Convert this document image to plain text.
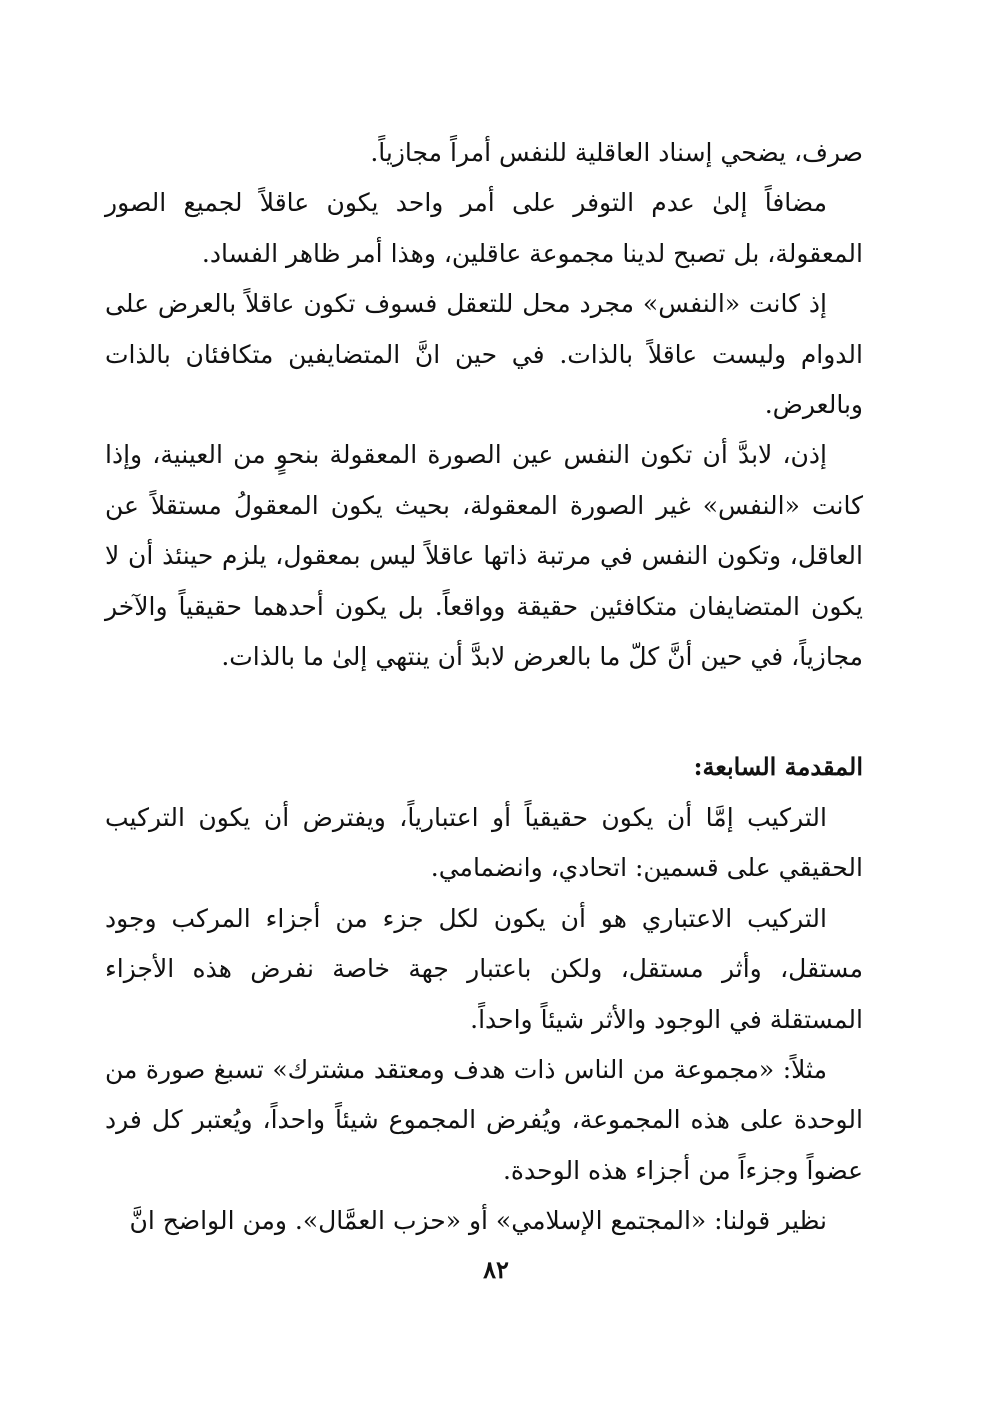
صرف، يضحي إسناد العاقلية للنفس أمراً مجازياً.

مضافاً إلىٰ عدم التوفر على أمر واحد يكون عاقلاً لجميع الصور المعقولة، بل تصبح لدينا مجموعة عاقلين، وهذا أمر ظاهر الفساد.

إذ كانت «النفس» مجرد محل للتعقل فسوف تكون عاقلاً بالعرض على الدوام وليست عاقلاً بالذات. في حين انَّ المتضايفين متكافئان بالذات وبالعرض.

إذن، لابدَّ أن تكون النفس عين الصورة المعقولة بنحوٍ من العينية، وإذا كانت «النفس» غير الصورة المعقولة، بحيث يكون المعقولُ مستقلاً عن العاقل، وتكون النفس في مرتبة ذاتها عاقلاً ليس بمعقول، يلزم حينئذ أن لا يكون المتضايفان متكافئين حقيقة وواقعاً. بل يكون أحدهما حقيقياً والآخر مجازياً، في حين أنَّ كلّ ما بالعرض لابدَّ أن ينتهي إلىٰ ما بالذات.

المقدمة السابعة:

التركيب إمَّا أن يكون حقيقياً أو اعتبارياً، ويفترض أن يكون التركيب الحقيقي على قسمين: اتحادي، وانضمامي.

التركيب الاعتباري هو أن يكون لكل جزء من أجزاء المركب وجود مستقل، وأثر مستقل، ولكن باعتبار جهة خاصة نفرض هذه الأجزاء المستقلة في الوجود والأثر شيئاً واحداً.

مثلاً: «مجموعة من الناس ذات هدف ومعتقد مشترك» تسبغ صورة من الوحدة على هذه المجموعة، ويُفرض المجموع شيئاً واحداً، ويُعتبر كل فرد عضواً وجزءاً من أجزاء هذه الوحدة.

نظير قولنا: «المجتمع الإسلامي» أو «حزب العمَّال». ومن الواضح انَّ

٨٢
